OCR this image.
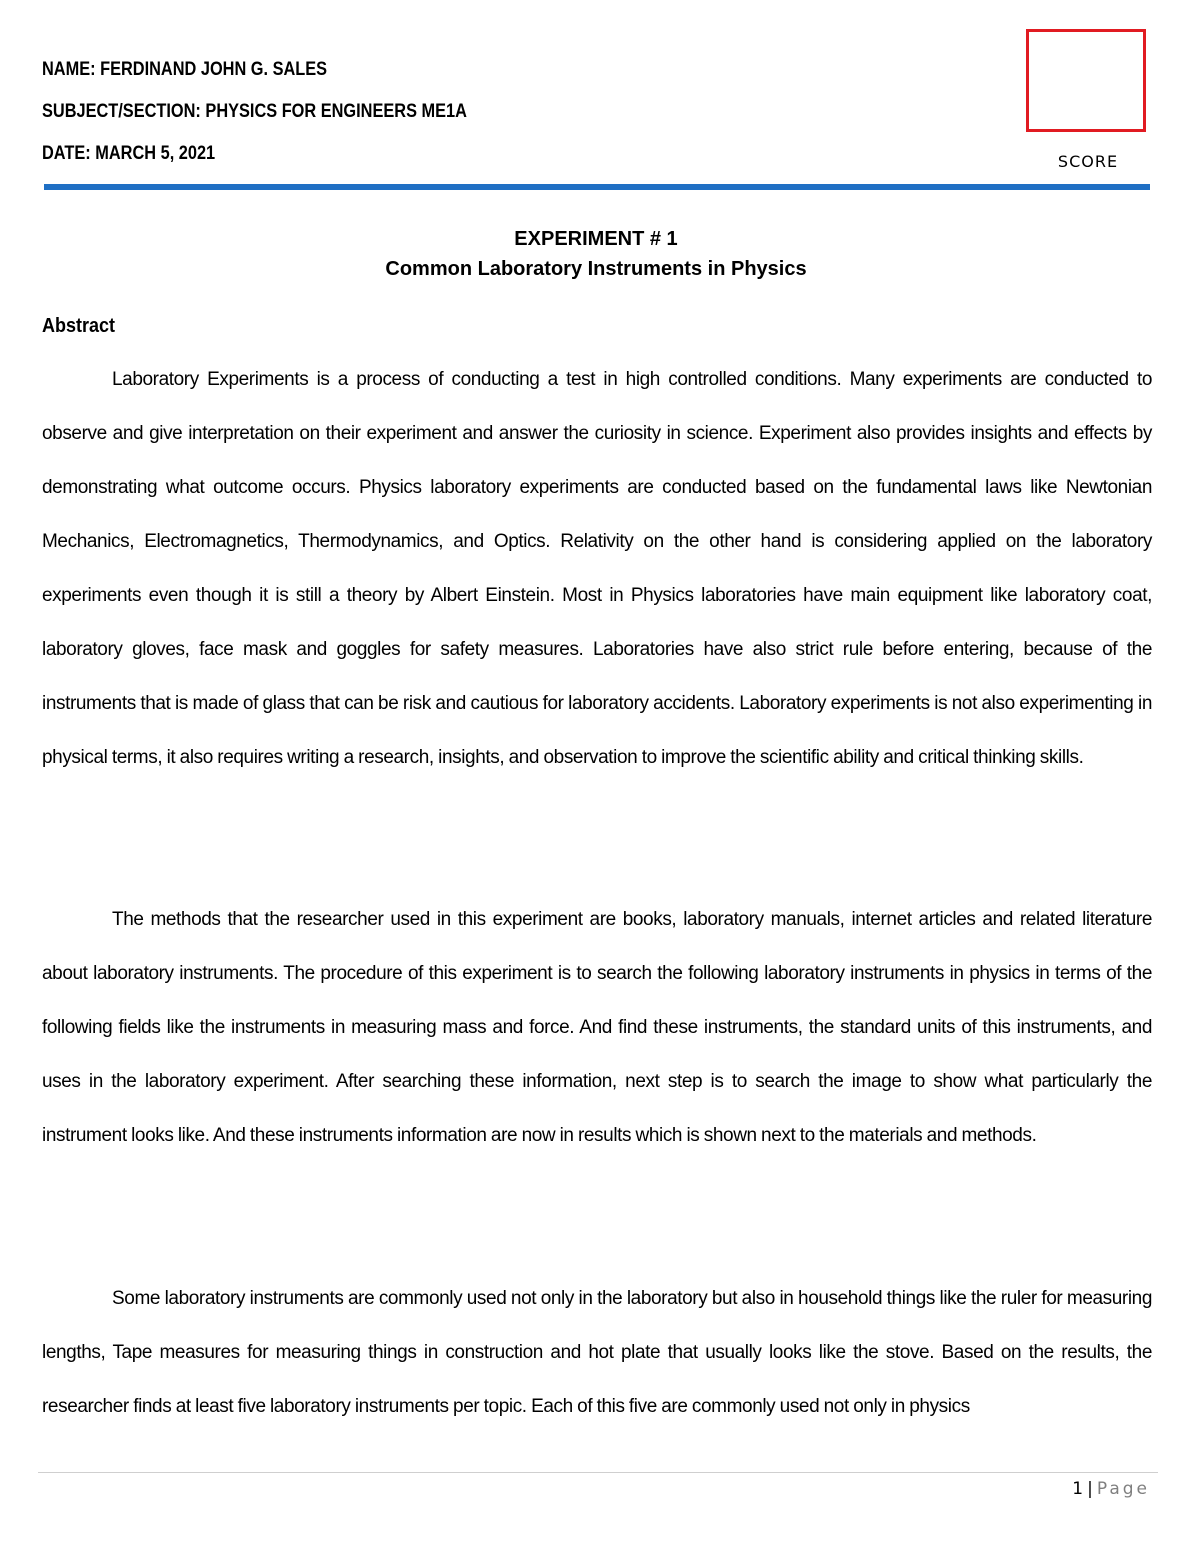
NAME: FERDINAND JOHN G. SALES
SUBJECT/SECTION: PHYSICS FOR ENGINEERS ME1A
DATE: MARCH 5, 2021	SCORE
EXPERIMENT # 1
Common Laboratory Instruments in Physics
Abstract

Laboratory Experiments is a process of conducting a test in high controlled conditions. Many experiments are conducted to observe and give interpretation on their experiment and answer the curiosity in science. Experiment also provides insights and effects by demonstrating what outcome occurs. Physics laboratory experiments are conducted based on the fundamental laws like Newtonian Mechanics, Electromagnetics, Thermodynamics, and Optics. Relativity on the other hand is considering applied on the laboratory experiments even though it is still a theory by Albert Einstein. Most in Physics laboratories have main equipment like laboratory coat, laboratory gloves, face mask and goggles for safety measures. Laboratories have also strict rule before entering, because of the instruments that is made of glass that can be risk and cautious for laboratory accidents. Laboratory experiments is not also experimenting in physical terms, it also requires writing a research, insights, and observation to improve the scientific ability and critical thinking skills.

The methods that the researcher used in this experiment are books, laboratory manuals, internet articles and related literature about laboratory instruments. The procedure of this experiment is to search the following laboratory instruments in physics in terms of the following fields like the instruments in measuring mass and force. And find these instruments, the standard units of this instruments, and uses in the laboratory experiment. After searching these information, next step is to search the image to show what particularly the instrument looks like. And these instruments information are now in results which is shown next to the materials and methods.

Some laboratory instruments are commonly used not only in the laboratory but also in household things like the ruler for measuring lengths, Tape measures for measuring things in construction and hot plate that usually looks like the stove. Based on the results, the researcher finds at least five laboratory instruments per topic. Each of this five are commonly used not only in physics

1 | Page
